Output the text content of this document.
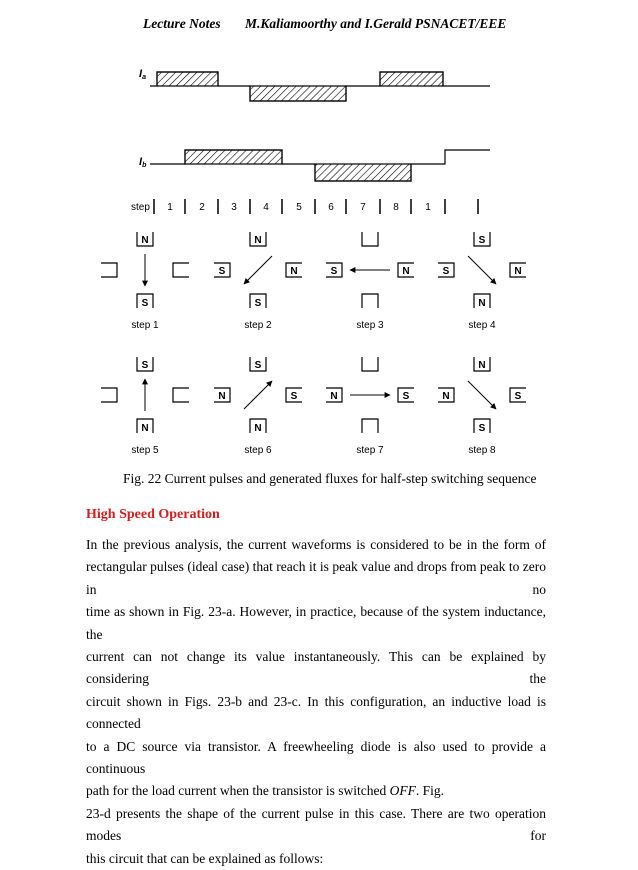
Lecture Notes M.Kaliamoorthy and I.Gerald PSNACET/EEE
Ia
Ib
step 1	2	3	4	5	6	7	8	1
N
S
step 1
N
S
S	N
step 2
S	N
step 3
S
N
S	N
step 4
S
N
step 5
S
N
N	S
step 6
N	S
step 7
N
S
N	S
step 8
Fig. 22 Current pulses and generated fluxes for half-step switching sequence
High Speed Operation

In the previous analysis, the current waveforms is considered to be in the form of

rectangular pulses (ideal case) that reach it is peak value and drops from peak to zero in no

time as shown in Fig. 23-a. However, in practice, because of the system inductance, the

current can not change its value instantaneously. This can be explained by considering the

circuit shown in Figs. 23-b and 23-c. In this configuration, an inductive load is connected

to a DC source via transistor. A freewheeling diode is also used to provide a continuous

path for the load current when the transistor is switched OFF. Fig.

23-d presents the shape of the current pulse in this case. There are two operation modes for

this circuit that can be explained as follows:
